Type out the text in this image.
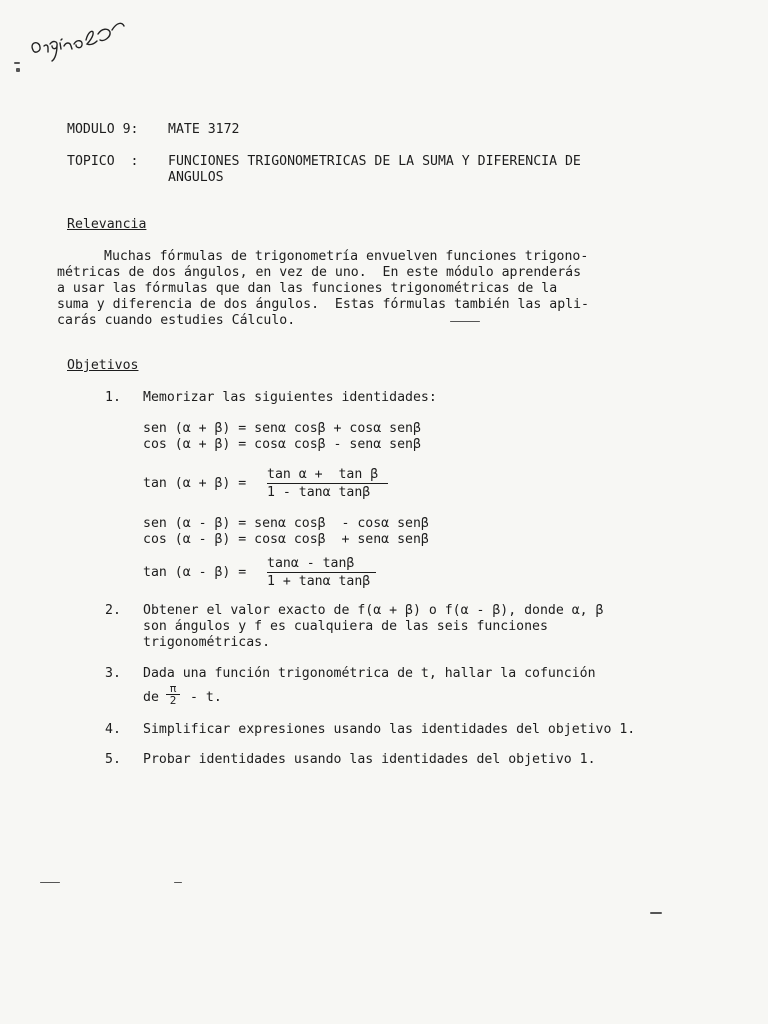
MODULO 9: MATE 3172
TOPICO  : FUNCIONES TRIGONOMETRICAS DE LA SUMA Y DIFERENCIA DE
ANGULOS
Relevancia
Muchas fórmulas de trigonometría envuelven funciones trigono-
métricas de dos ángulos, en vez de uno.  En este módulo aprenderás
a usar las fórmulas que dan las funciones trigonométricas de la
suma y diferencia de dos ángulos.  Estas fórmulas también las apli-
carás cuando estudies Cálculo.
Objetivos
1. Memorizar las siguientes identidades:
sen (α + β) = senα cosβ + cosα senβ
cos (α + β) = cosα cosβ - senα senβ
$\tan (\alpha + \beta) = \frac{\text{tan α +  tan β}}{\text{1 - tanα tanβ}}$
sen (α - β) = senα cosβ  - cosα senβ
cos (α - β) = cosα cosβ  + senα senβ
$\tan (\alpha - \beta) = \frac{\tan\alpha - \tan\beta}{\text{1 + tanα tanβ}}$
2. Obtener el valor exacto de f(α + β) o f(α - β), donde α, β
son ángulos y f es cualquiera de las seis funciones
trigonométricas.
3. Dada una función trigonométrica de t, hallar la cofunción
de $\frac{\pi}{2}$ - t.
4. Simplificar expresiones usando las identidades del objetivo 1.
5. Probar identidades usando las identidades del objetivo 1.
